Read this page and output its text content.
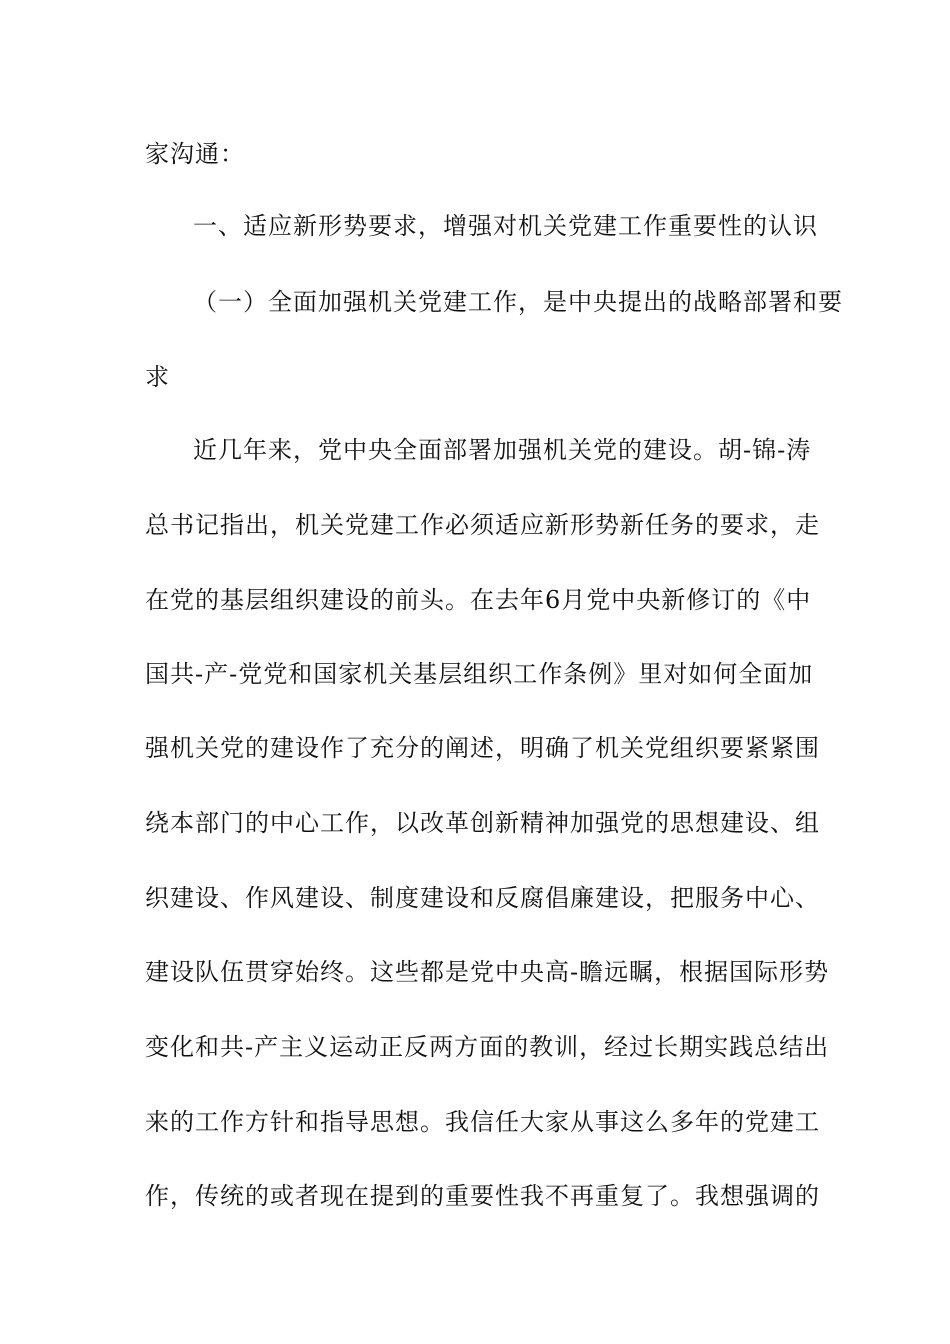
家沟通：
一、适应新形势要求，增强对机关党建工作重要性的认识
（一）全面加强机关党建工作，是中央提出的战略部署和要
求
近几年来，党中央全面部署加强机关党的建设。胡-锦-涛
总书记指出，机关党建工作必须适应新形势新任务的要求，走
在党的基层组织建设的前头。在去年6月党中央新修订的《中
国共-产-党党和国家机关基层组织工作条例》里对如何全面加
强机关党的建设作了充分的阐述，明确了机关党组织要紧紧围
绕本部门的中心工作，以改革创新精神加强党的思想建设、组
织建设、作风建设、制度建设和反腐倡廉建设，把服务中心、
建设队伍贯穿始终。这些都是党中央高-瞻远瞩，根据国际形势
变化和共-产主义运动正反两方面的教训，经过长期实践总结出
来的工作方针和指导思想。我信任大家从事这么多年的党建工
作，传统的或者现在提到的重要性我不再重复了。我想强调的
